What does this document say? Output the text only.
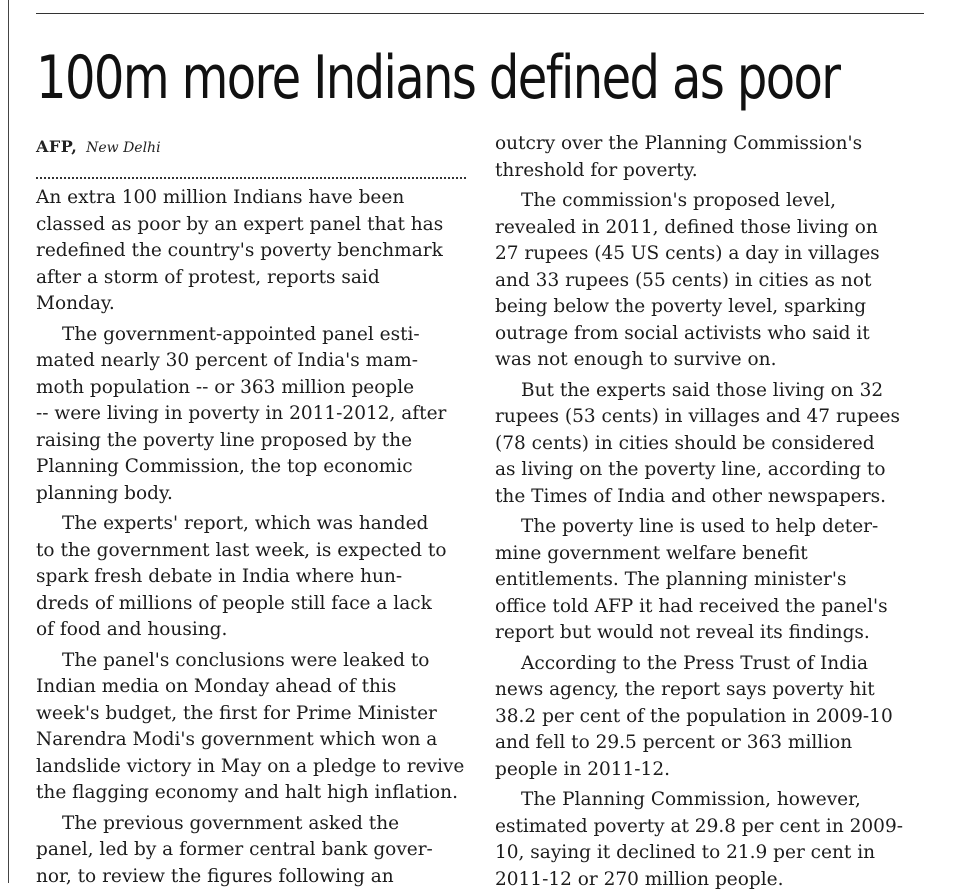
100m more Indians defined as poor
AFP, New Delhi

An extra 100 million Indians have been
classed as poor by an expert panel that has
redefined the country's poverty benchmark
after a storm of protest, reports said
Monday.

The government-appointed panel esti-
mated nearly 30 percent of India's mam-
moth population -- or 363 million people
-- were living in poverty in 2011-2012, after
raising the poverty line proposed by the
Planning Commission, the top economic
planning body.

The experts' report, which was handed
to the government last week, is expected to
spark fresh debate in India where hun-
dreds of millions of people still face a lack
of food and housing.

The panel's conclusions were leaked to
Indian media on Monday ahead of this
week's budget, the first for Prime Minister
Narendra Modi's government which won a
landslide victory in May on a pledge to revive
the flagging economy and halt high inflation.

The previous government asked the
panel, led by a former central bank gover-
nor, to review the figures following an

outcry over the Planning Commission's
threshold for poverty.

The commission's proposed level,
revealed in 2011, defined those living on
27 rupees (45 US cents) a day in villages
and 33 rupees (55 cents) in cities as not
being below the poverty level, sparking
outrage from social activists who said it
was not enough to survive on.

But the experts said those living on 32
rupees (53 cents) in villages and 47 rupees
(78 cents) in cities should be considered
as living on the poverty line, according to
the Times of India and other newspapers.

The poverty line is used to help deter-
mine government welfare benefit
entitlements. The planning minister's
office told AFP it had received the panel's
report but would not reveal its findings.

According to the Press Trust of India
news agency, the report says poverty hit
38.2 per cent of the population in 2009-10
and fell to 29.5 percent or 363 million
people in 2011-12.

The Planning Commission, however,
estimated poverty at 29.8 per cent in 2009-
10, saying it declined to 21.9 per cent in
2011-12 or 270 million people.
